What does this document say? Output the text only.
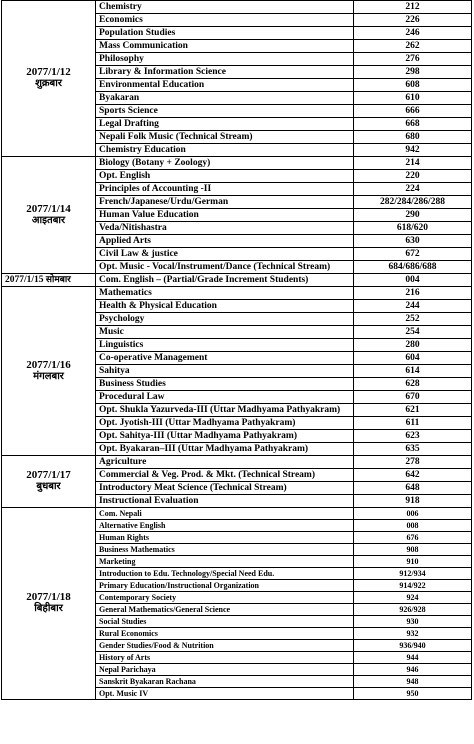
2077/1/12
शुक्रबार	Chemistry	212
	Economics	226
	Population Studies	246
	Mass Communication	262
	Philosophy	276
	Library & Information Science	298
	Environmental Education	608
	Byakaran	610
	Sports Science	666
	Legal Drafting	668
	Nepali Folk Music (Technical Stream)	680
	Chemistry Education	942

2077/1/14
आइतबार	Biology (Botany + Zoology)	214
	Opt. English	220
	Principles of Accounting -II	224
	French/Japanese/Urdu/German	282/284/286/288
	Human Value Education	290
	Veda/Nitishastra	618/620
	Applied Arts	630
	Civil Law & justice	672
	Opt. Music - Vocal/Instrument/Dance (Technical Stream)	684/686/688
2077/1/15 सोमबार	Com. English – (Partial/Grade Increment Students)	004

2077/1/16
मंगलबार	Mathematics	216
	Health & Physical Education	244
	Psychology	252
	Music	254
	Linguistics	280
	Co-operative Management	604
	Sahitya	614
	Business Studies	628
	Procedural Law	670
	Opt. Shukla Yazurveda-III (Uttar Madhyama Pathyakram)	621
	Opt. Jyotish-III (Uttar Madhyama Pathyakram)	611
	Opt. Sahitya-III (Uttar Madhyama Pathyakram)	623
	Opt. Byakaran–III (Uttar Madhyama Pathyakram)	635

2077/1/17
बुधबार	Agriculture	278
	Commercial & Veg. Prod. & Mkt. (Technical Stream)	642
	Introductory Meat Science (Technical Stream)	648
	Instructional Evaluation	918

2077/1/18
बिहीबार	Com. Nepali	006
	Alternative English	008
	Human Rights	676
	Business Mathematics	908
	Marketing	910
	Introduction to Edu. Technology/Special Need Edu.	912/934
	Primary Education/Instructional Organization	914/922
	Contemporary Society	924
	General Mathematics/General Science	926/928
	Social Studies	930
	Rural Economics	932
	Gender Studies/Food & Nutrition	936/940
	History of Arts	944
	Nepal Parichaya	946
	Sanskrit Byakaran Rachana	948
	Opt. Music IV	950
